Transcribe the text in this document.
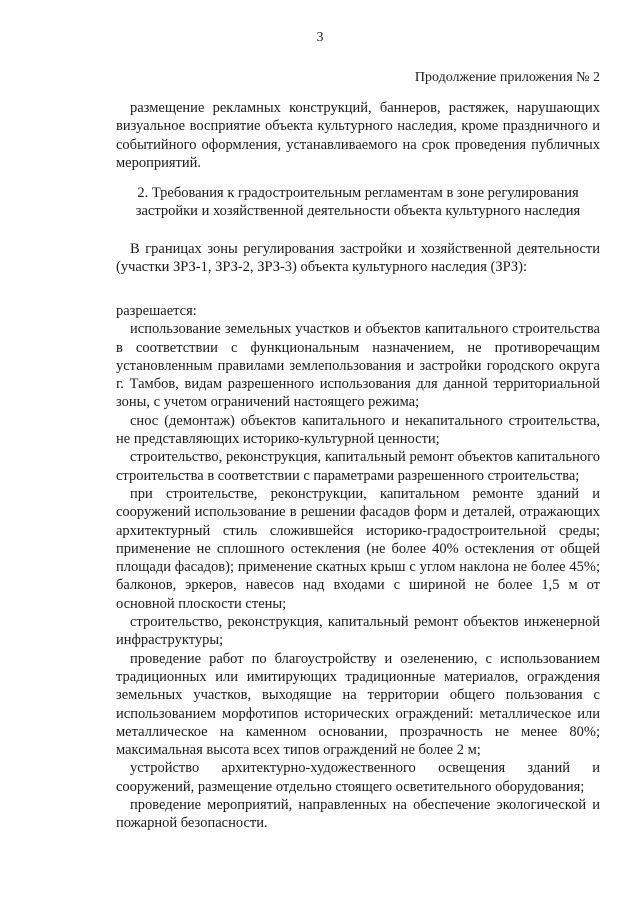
3
Продолжение приложения № 2

размещение рекламных конструкций, баннеров, растяжек, нарушающих визуальное восприятие объекта культурного наследия, кроме праздничного и событийного оформления, устанавливаемого на срок проведения публичных мероприятий.

2. Требования к градостроительным регламентам в зоне регулирования
застройки и хозяйственной деятельности объекта культурного наследия

В границах зоны регулирования застройки и хозяйственной деятельности (участки ЗРЗ-1, ЗРЗ-2, ЗРЗ-3) объекта культурного наследия (ЗРЗ):

разрешается:

использование земельных участков и объектов капитального строительства в соответствии с функциональным назначением, не противоречащим установленным правилами землепользования и застройки городского округа г. Тамбов, видам разрешенного использования для данной территориальной зоны, с учетом ограничений настоящего режима;

снос (демонтаж) объектов капитального и некапитального строительства, не представляющих историко-культурной ценности;

строительство, реконструкция, капитальный ремонт объектов капитального строительства в соответствии с параметрами разрешенного строительства;

при строительстве, реконструкции, капитальном ремонте зданий и сооружений использование в решении фасадов форм и деталей, отражающих архитектурный стиль сложившейся историко-градостроительной среды; применение не сплошного остекления (не более 40% остекления от общей площади фасадов); применение скатных крыш с углом наклона не более 45%; балконов, эркеров, навесов над входами с шириной не более 1,5 м от основной плоскости стены;

строительство, реконструкция, капитальный ремонт объектов инженерной инфраструктуры;

проведение работ по благоустройству и озеленению, с использованием традиционных или имитирующих традиционные материалов, ограждения земельных участков, выходящие на территории общего пользования с использованием морфотипов исторических ограждений: металлическое или металлическое на каменном основании, прозрачность не менее 80%; максимальная высота всех типов ограждений не более 2 м;

устройство архитектурно-художественного освещения зданий и сооружений, размещение отдельно стоящего осветительного оборудования;

проведение мероприятий, направленных на обеспечение экологической и пожарной безопасности.
